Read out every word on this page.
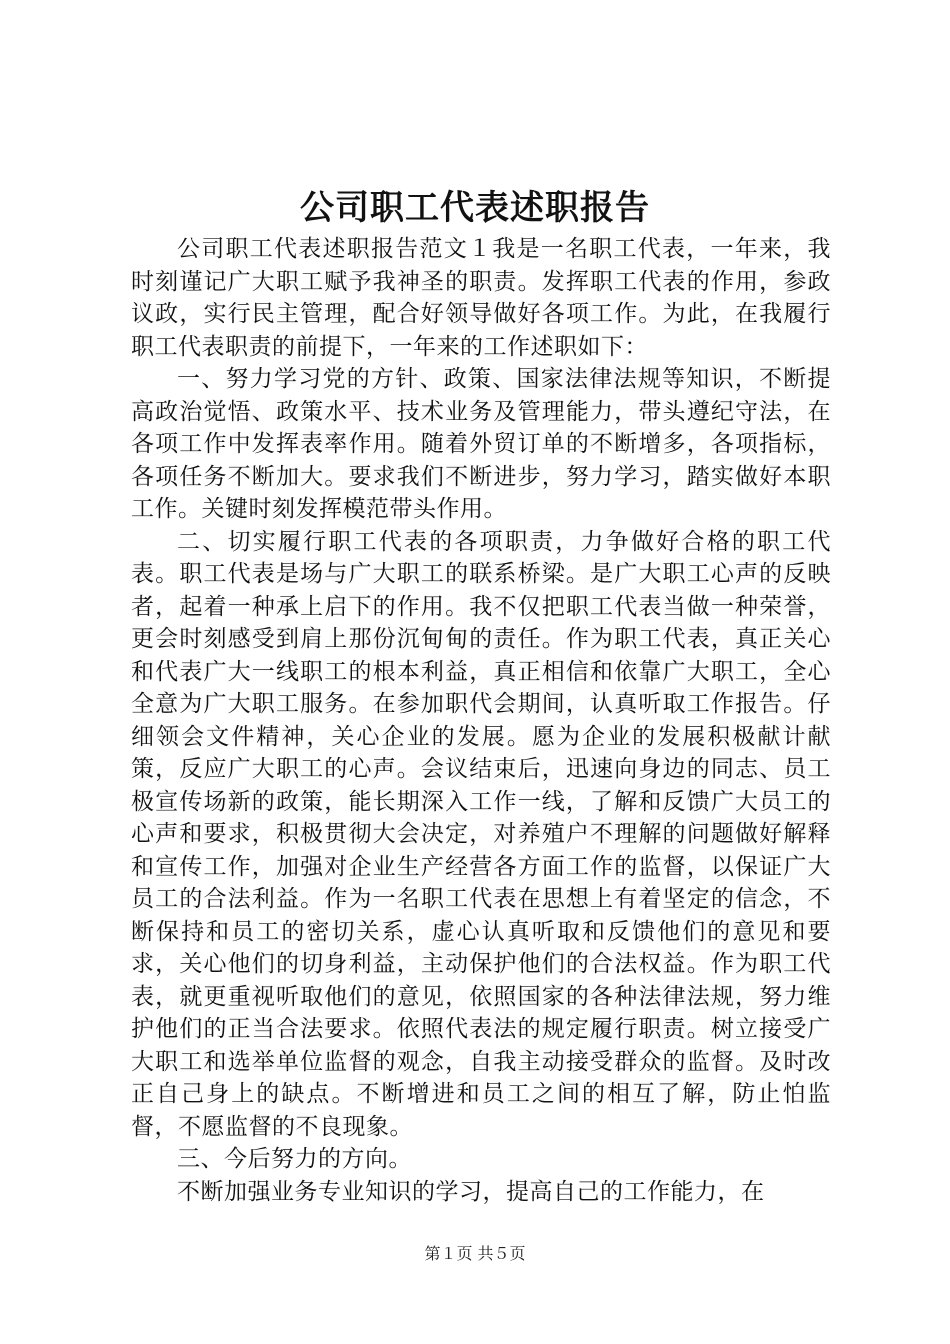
公司职工代表述职报告

公司职工代表述职报告范文１我是一名职工代表，一年来，我时刻谨记广大职工赋予我神圣的职责。发挥职工代表的作用，参政议政，实行民主管理，配合好领导做好各项工作。为此，在我履行职工代表职责的前提下，一年来的工作述职如下：

一、努力学习党的方针、政策、国家法律法规等知识，不断提高政治觉悟、政策水平、技术业务及管理能力，带头遵纪守法，在各项工作中发挥表率作用。随着外贸订单的不断增多，各项指标，各项任务不断加大。要求我们不断进步，努力学习，踏实做好本职工作。关键时刻发挥模范带头作用。

二、切实履行职工代表的各项职责，力争做好合格的职工代表。职工代表是场与广大职工的联系桥梁。是广大职工心声的反映者，起着一种承上启下的作用。我不仅把职工代表当做一种荣誉，更会时刻感受到肩上那份沉甸甸的责任。作为职工代表，真正关心和代表广大一线职工的根本利益，真正相信和依靠广大职工，全心全意为广大职工服务。在参加职代会期间，认真听取工作报告。仔细领会文件精神，关心企业的发展。愿为企业的发展积极献计献策，反应广大职工的心声。会议结束后，迅速向身边的同志、员工极宣传场新的政策，能长期深入工作一线，了解和反馈广大员工的心声和要求，积极贯彻大会决定，对养殖户不理解的问题做好解释和宣传工作，加强对企业生产经营各方面工作的监督，以保证广大员工的合法利益。作为一名职工代表在思想上有着坚定的信念，不断保持和员工的密切关系，虚心认真听取和反馈他们的意见和要求，关心他们的切身利益，主动保护他们的合法权益。作为职工代表，就更重视听取他们的意见，依照国家的各种法律法规，努力维护他们的正当合法要求。依照代表法的规定履行职责。树立接受广大职工和选举单位监督的观念，自我主动接受群众的监督。及时改正自己身上的缺点。不断增进和员工之间的相互了解，防止怕监督，不愿监督的不良现象。

三、今后努力的方向。

不断加强业务专业知识的学习，提高自己的工作能力，在

第１页 共５页
